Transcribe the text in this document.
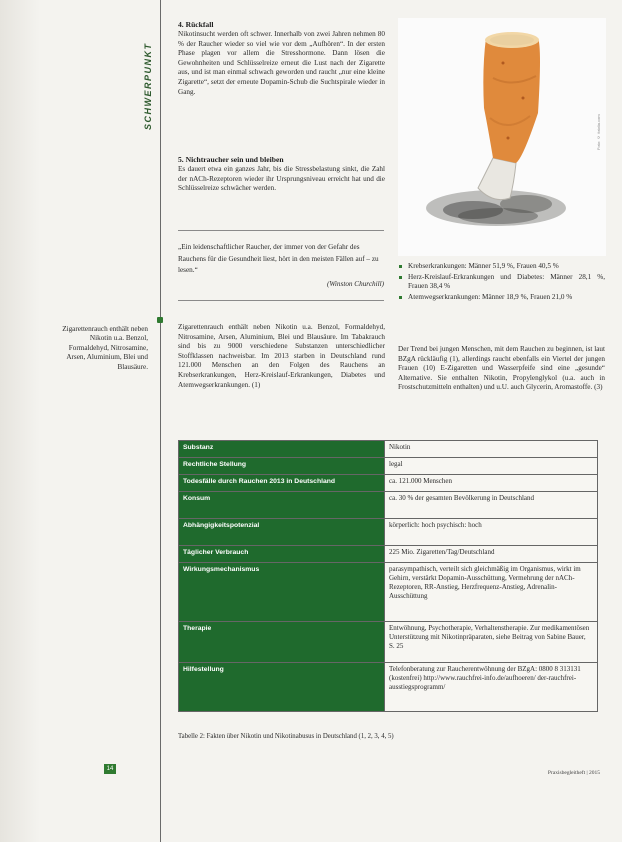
SCHWERPUNKT
4. Rückfall

Nikotinsucht werden oft schwer. Innerhalb von zwei Jahren nehmen 80 % der Raucher wieder so viel wie vor dem „Aufhören“. In der ersten Phase plagen vor allem die Stresshormone. Dann lösen die Gewohnheiten und Schlüsselreize erneut die Lust nach der Zigarette aus, und ist man einmal schwach geworden und raucht „nur eine kleine Zigarette“, setzt der erneute Dopamin-Schub die Suchtspirale wieder in Gang.

5. Nichtraucher sein und bleiben

Es dauert etwa ein ganzes Jahr, bis die Stressbelastung sinkt, die Zahl der nACh-Rezeptoren wieder ihr Ursprungsniveau erreicht hat und die Schlüsselreize schwächer werden.

„Ein leidenschaftlicher Raucher, der immer von der Gefahr des Rauchens für die Gesundheit liest, hört in den meisten Fällen auf – zu lesen.“
(Winston Churchill)
Zigarettenrauch enthält neben Nikotin u.a. Benzol, Formaldehyd, Nitrosamine, Arsen, Aluminium, Blei und Blausäure.

Zigarettenrauch enthält neben Nikotin u.a. Benzol, Formaldehyd, Nitrosamine, Arsen, Aluminium, Blei und Blausäure. Im Tabakrauch sind bis zu 9000 verschiedene Substanzen unterschiedlicher Stoffklassen nachweisbar. Im 2013 starben in Deutschland rund 121.000 Menschen an den Folgen des Rauchens an Krebserkrankungen, Herz-Kreislauf-Erkrankungen, Diabetes und Atemwegserkrankungen. (1)

Foto: © fotolia.com
Krebserkrankungen: Männer 51,9 %, Frauen 40,5 %
Herz-Kreislauf-Erkrankungen und Diabetes: Männer 28,1 %, Frauen 38,4 %
Atemwegserkrankungen: Männer 18,9 %, Frauen 21,0 %

Der Trend bei jungen Menschen, mit dem Rauchen zu beginnen, ist laut BZgA rückläufig (1), allerdings raucht ebenfalls ein Viertel der jungen Frauen (10) E-Zigaretten und Wasserpfeife sind eine „gesunde“ Alternative. Sie enthalten Nikotin, Propylenglykol (u.a. auch in Frostschutzmitteln enthalten) und u.U. auch Glycerin, Aromastoffe. (3)

Substanz	Nikotin
Rechtliche Stellung	legal
Todesfälle durch Rauchen 2013 in Deutschland	ca. 121.000 Menschen
Konsum	ca. 30 % der gesamten Bevölkerung in Deutschland
Abhängigkeitspotenzial	körperlich: hoch psychisch: hoch
Täglicher Verbrauch	225 Mio. Zigaretten/Tag/Deutschland
Wirkungsmechanismus	parasympathisch, verteilt sich gleichmäßig im Organismus, wirkt im Gehirn, verstärkt Dopamin-Ausschüttung, Vermehrung der nACh-Rezeptoren, RR-Anstieg, Herzfrequenz-Anstieg, Adrenalin-Ausschüttung
Therapie	Entwöhnung, Psychotherapie, Verhaltenstherapie. Zur medikamentösen Unterstützung mit Nikotinpräparaten, siehe Beitrag von Sabine Bauer, S. 25
Hilfestellung	Telefonberatung zur Raucherentwöhnung der BZgA: 0800 8 313131 (kostenfrei) http://www.rauchfrei-info.de/aufhoeren/ der-rauchfrei-ausstiegsprogramm/
Tabelle 2: Fakten über Nikotin und Nikotinabusus in Deutschland (1, 2, 3, 4, 5)
14
Praxisbegleitheft | 2015
